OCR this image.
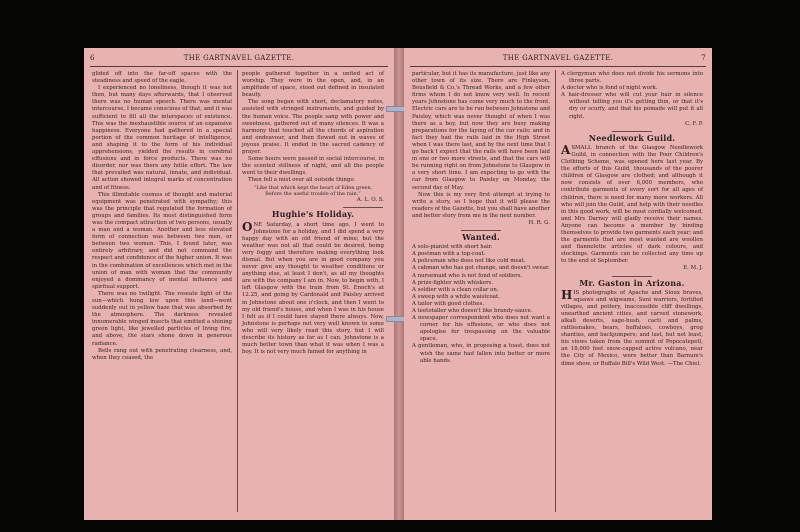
6	THE GARTNAVEL GAZETTE.

glided off into the far-off spaces with the steadiness and speed of the eagle.

I experienced no loneliness, though it was not then, but many days afterwards, that I observed there was no human speech. There was mental intercourse, I became conscious of that, and it was sufficient to fill all the interspaces of existence. This was the inexhaustible source of an expansive happiness. Everyone had gathered in a special portion of the common heritage of intelligence, and shaping it to the form of his individual apprehensions, yielded the results in cerebral effusions and in force products. There was no disorder, nor was there any futile effort. The law that prevailed was natural, innate, and individual. All action showed integral marks of concentration and of fitness.

This illimitable cosmos of thought and material equipment was penetrated with sympathy; this was the principle that regulated the formation of groups and families. Its most distinguished form was the compact attraction of two persons, usually a man and a woman. Another and less elevated form of connection was between two men, or between two women. This, I found later, was entirely arbitrary, and did not command the respect and confidence of the higher union. It was in the combination of excellences which met in the union of man with woman that the community enjoyed a dominancy of mental influence and spiritual support.

There was no twilight. The roseate light of the sun—which hung low upon this land—went suddenly out in yellow haze that was absorbed by the atmosphere. The darkness revealed innumerable winged insects that emitted a shining green light, like jewelled particles of living fire, and above, the stars shone down in generous radiance.

Bells rang out with penetrating clearness, and, when they ceased, the

people gathered together in a united act of worship. They were in the open, and, in an amplitude of space, stood out defined in insulated beauty.

The song began with short, declamatory notes, assisted with stringed instruments, and guided by the human voice. The people sang with power and sweetness, gathered out of many silences. It was a harmony that touched all the chords of aspiration and endeavour, and then flowed out in waves of joyous praise. It ended in the sacred cadency of prayer.

Some hours were passed in social intercourse, in the scented stillness of night, and all the people went to their dwellings.

Then fell a mist over all outside things:

“Like that which kept the heart of Eden green,
Before the useful trouble of the rain.”
A. L. O. S.
Hughie's Holiday.

ONE Saturday, a short time ago, I went to Johnstone for a holiday, and I did spend a very happy day with an old friend of mine; but the weather was not all that could be desired, being very foggy and therefore making everything look dismal. But when you are in good company you never give any thought to weather conditions or anything else, at least I don't, as all my thoughts are with the company I am in. Now, to begin with, I left Glasgow with the train from St. Enoch's at 12.25, and going by Cardonald and Paisley arrived in Johnstone about one o'clock, and then I went to my old friend's house, and when I was in his house I felt as if I could have stayed there always. Now, Johnstone is perhaps not very well known to some who will very likely read this story, but I will describe its history as far as I can. Johnstone is a much better town than what it was when I was a boy. It is not very much famed for anything in

THE GARTNAVEL GAZETTE.	7

particular, but it has its manufacture, just like any other town of its size. There are Finlayson, Bousfield & Co.'s Thread Works, and a few other firms whom I do not know very well. In recent years Johnstone has come very much to the front. Electric cars are to be run between Johnstone and Paisley, which was never thought of when I was there as a boy, but now they are busy making preparations for the laying of the car rails; and in fact they had the rails laid in the High Street when I was there last, and by the next time that I go back I expect that the rails will have been laid in one or two more streets, and that the cars will be running right on from Johnstone to Glasgow in a very short time. I am expecting to go with the car from Glasgow to Paisley on Monday, the second day of May.

Now this is my very first attempt at trying to write a story, so I hope that it will please the readers of the Gazette, but you shall have another and better story from me in the next number.

H. R. G.
Wanted.

A solo-pianist with short hair.

A postman with a top-coat.

A policeman who does not like cold meat.

A cabman who has got change, and doesn't swear.

A nursemaid who is not fond of soldiers.

A prize-fighter with whiskers.

A soldier with a clean collar on.

A sweep with a white waistcoat.

A tailor with good clothes.

A teetotaller who doesn't like brandy-sauce.

A newspaper correspondent who does not want a corner for his effusions, or who does not apologise for trespassing on the valuable space.

A gentleman, who, in proposing a toast, does not wish the same had fallen into better or more able hands.

A clergyman who does not divide his sermons into three parts.

A doctor who is fond of night work.

A hair-dresser who will cut your hair in silence without telling you it's getting thin, or that it's dry or scurfy, and that his pomade will put it all right.

C. F. P.
Needlework Guild.

ASMALL branch of the Glasgow Needlework Guild, in connection with the Poor Children's Clothing Scheme, was opened here last year. By the efforts of this Guild, thousands of the poorer children of Glasgow are clothed; and although it now consists of over 6,000 members, who contribute garments of every sort for all ages of children, there is need for many more workers. All who will join the Guild, and help with their needles in this good work, will be most cordially welcomed, and Mrs Darney will gladly receive their names. Anyone can become a member by binding themselves to provide two garments each year; and the garments that are most wanted are woollen and flannelette articles of dark colours, and stockings. Garments can be collected any time up to the end of September.

E. M. J.
Mr. Gaston in Arizona.

HIS photographs of Apache and Sioux braves, squaws and wigwams, Suni warriors, fortified villages, and pottery, inaccessible cliff dwellings, unearthed ancient cities, and carved stonework, alkali deserts, sage-bush, cacti and palms, rattlesnakes, bears, buffaloes, cowboys, grog shanties, and backjumpers; and last, but not least, his views taken from the summit of Popocatepetl, an 18,000 feet snow-capped active volcano, near the City of Mexico, were better than Barnum's dime show, or Buffalo Bill's Wild West. —The Chiel.
